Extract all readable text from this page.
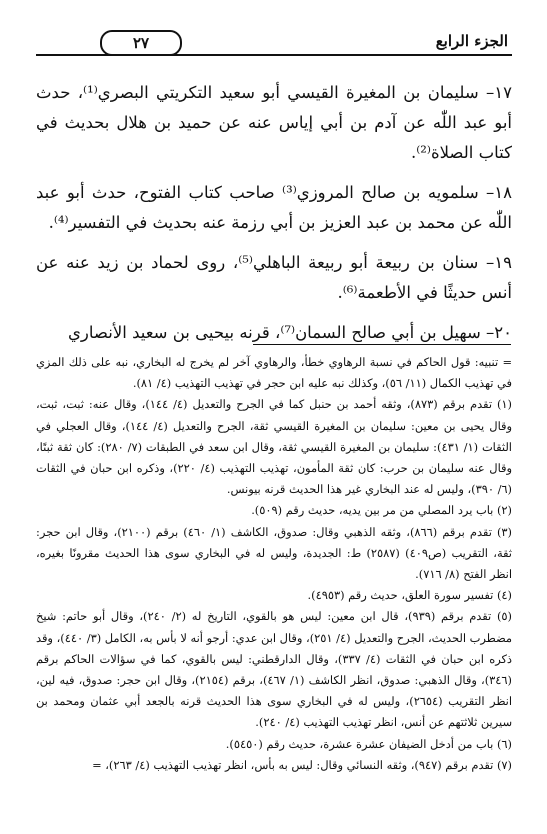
الجزء الرابع
٢٧

١٧– سليمان بن المغيرة القيسي أبو سعيد التكريتي البصري⁽¹⁾، حدث أبو عبد اللّٰه عن آدم بن أبي إياس عنه عن حميد بن هلال بحديث في كتاب الصلاة⁽²⁾.

١٨– سلمويه بن صالح المروزي⁽³⁾ صاحب كتاب الفتوح، حدث أبو عبد اللّٰه عن محمد بن عبد العزيز بن أبي رزمة عنه بحديث في التفسير⁽⁴⁾.

١٩– سنان بن ربيعة أبو ربيعة الباهلي⁽⁵⁾، روى لحماد بن زيد عنه عن أنس حديثًا في الأطعمة⁽⁶⁾.

٢٠– سهيل بن أبي صالح السمان⁽⁷⁾، قرنه بيحيى بن سعيد الأنصاري

= تنبيه: قول الحاكم في نسبة الرهاوي خطأ، والرهاوي آخر لم يخرج له البخاري، نبه على ذلك المزي في تهذيب الكمال (١١/ ٥٦)، وكذلك نبه عليه ابن حجر في تهذيب التهذيب (٤/ ٨١).

(١) تقدم برقم (٨٧٣)، وثقه أحمد بن حنبل كما في الجرح والتعديل (٤/ ١٤٤)، وقال عنه: ثبت، ثبت، وقال يحيى بن معين: سليمان بن المغيرة القيسي ثقة، الجرح والتعديل (٤/ ١٤٤)، وقال العجلي في الثقات (١/ ٤٣١): سليمان بن المغيرة القيسي ثقة، وقال ابن سعد في الطبقات (٧/ ٢٨٠): كان ثقة ثبتًا، وقال عنه سليمان بن حرب: كان ثقة المأمون، تهذيب التهذيب (٤/ ٢٢٠)، وذكره ابن حبان في الثقات (٦/ ٣٩٠)، وليس له عند البخاري غير هذا الحديث قرنه بيونس.

(٢) باب يرد المصلي من مر بين يديه، حديث رقم (٥٠٩).

(٣) تقدم برقم (٨٦٦)، وثقه الذهبي وقال: صدوق، الكاشف (١/ ٤٦٠) برقم (٢١٠٠)، وقال ابن حجر: ثقة، التقريب (ص٤٠٩) (٢٥٨٧) ط: الجديدة، وليس له في البخاري سوى هذا الحديث مقرونًا بغيره، انظر الفتح (٨/ ٧١٦).

(٤) تفسير سورة العلق، حديث رقم (٤٩٥٣).

(٥) تقدم برقم (٩٣٩)، قال ابن معين: ليس هو بالقوي، التاريخ له (٢/ ٢٤٠)، وقال أبو حاتم: شيخ مضطرب الحديث، الجرح والتعديل (٤/ ٢٥١)، وقال ابن عدي: أرجو أنه لا بأس به، الكامل (٣/ ٤٤٠)، وقد ذكره ابن حبان في الثقات (٤/ ٣٣٧)، وقال الدارقطني: ليس بالقوي، كما في سؤالات الحاكم برقم (٣٤٦)، وقال الذهبي: صدوق، انظر الكاشف (١/ ٤٦٧)، برقم (٢١٥٤)، وقال ابن حجر: صدوق، فيه لين، انظر التقريب (٢٦٥٤)، وليس له في البخاري سوى هذا الحديث قرنه بالجعد أبي عثمان ومحمد بن سيرين ثلاثتهم عن أنس، انظر تهذيب التهذيب (٤/ ٢٤٠).

(٦) باب من أدخل الضيفان عشرة عشرة، حديث رقم (٥٤٥٠).

(٧) تقدم برقم (٩٤٧)، وثقه النسائي وقال: ليس به بأس، انظر تهذيب التهذيب (٤/ ٢٦٣)، =
